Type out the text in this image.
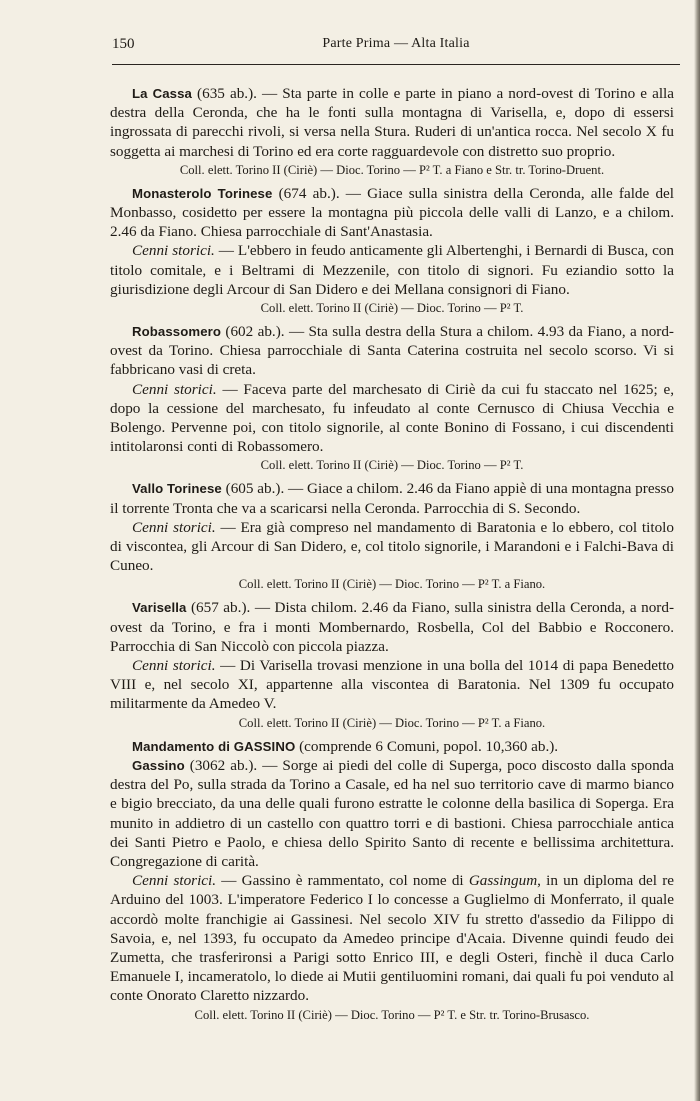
150	Parte Prima — Alta Italia

La Cassa (635 ab.). — Sta parte in colle e parte in piano a nord-ovest di Torino e alla destra della Ceronda, che ha le fonti sulla montagna di Varisella, e, dopo di essersi ingrossata di parecchi rivoli, si versa nella Stura. Ruderi di un'antica rocca. Nel secolo X fu soggetta ai marchesi di Torino ed era corte ragguardevole con distretto suo proprio.

Coll. elett. Torino II (Ciriè) — Dioc. Torino — P² T. a Fiano e Str. tr. Torino-Druent.

Monasterolo Torinese (674 ab.). — Giace sulla sinistra della Ceronda, alle falde del Monbasso, cosidetto per essere la montagna più piccola delle valli di Lanzo, e a chilom. 2.46 da Fiano. Chiesa parrocchiale di Sant'Anastasia.

Cenni storici. — L'ebbero in feudo anticamente gli Albertenghi, i Bernardi di Busca, con titolo comitale, e i Beltrami di Mezzenile, con titolo di signori. Fu eziandio sotto la giurisdizione degli Arcour di San Didero e dei Mellana consignori di Fiano.

Coll. elett. Torino II (Ciriè) — Dioc. Torino — P² T.

Robassomero (602 ab.). — Sta sulla destra della Stura a chilom. 4.93 da Fiano, a nord-ovest da Torino. Chiesa parrocchiale di Santa Caterina costruita nel secolo scorso. Vi si fabbricano vasi di creta.

Cenni storici. — Faceva parte del marchesato di Ciriè da cui fu staccato nel 1625; e, dopo la cessione del marchesato, fu infeudato al conte Cernusco di Chiusa Vecchia e Bolengo. Pervenne poi, con titolo signorile, al conte Bonino di Fossano, i cui discendenti intitolaronsi conti di Robassomero.

Coll. elett. Torino II (Ciriè) — Dioc. Torino — P² T.

Vallo Torinese (605 ab.). — Giace a chilom. 2.46 da Fiano appiè di una montagna presso il torrente Tronta che va a scaricarsi nella Ceronda. Parrocchia di S. Secondo.

Cenni storici. — Era già compreso nel mandamento di Baratonia e lo ebbero, col titolo di viscontea, gli Arcour di San Didero, e, col titolo signorile, i Marandoni e i Falchi-Bava di Cuneo.

Coll. elett. Torino II (Ciriè) — Dioc. Torino — P² T. a Fiano.

Varisella (657 ab.). — Dista chilom. 2.46 da Fiano, sulla sinistra della Ceronda, a nord-ovest da Torino, e fra i monti Mombernardo, Rosbella, Col del Babbio e Rocconero. Parrocchia di San Niccolò con piccola piazza.

Cenni storici. — Di Varisella trovasi menzione in una bolla del 1014 di papa Benedetto VIII e, nel secolo XI, appartenne alla viscontea di Baratonia. Nel 1309 fu occupato militarmente da Amedeo V.

Coll. elett. Torino II (Ciriè) — Dioc. Torino — P² T. a Fiano.

Mandamento di GASSINO (comprende 6 Comuni, popol. 10,360 ab.).

Gassino (3062 ab.). — Sorge ai piedi del colle di Superga, poco discosto dalla sponda destra del Po, sulla strada da Torino a Casale, ed ha nel suo territorio cave di marmo bianco e bigio brecciato, da una delle quali furono estratte le colonne della basilica di Soperga. Era munito in addietro di un castello con quattro torri e di bastioni. Chiesa parrocchiale antica dei Santi Pietro e Paolo, e chiesa dello Spirito Santo di recente e bellissima architettura. Congregazione di carità.

Cenni storici. — Gassino è rammentato, col nome di Gassingum, in un diploma del re Arduino del 1003. L'imperatore Federico I lo concesse a Guglielmo di Monferrato, il quale accordò molte franchigie ai Gassinesi. Nel secolo XIV fu stretto d'assedio da Filippo di Savoia, e, nel 1393, fu occupato da Amedeo principe d'Acaia. Divenne quindi feudo dei Zumetta, che trasferironsi a Parigi sotto Enrico III, e degli Osteri, finchè il duca Carlo Emanuele I, incameratolo, lo diede ai Mutii gentiluomini romani, dai quali fu poi venduto al conte Onorato Claretto nizzardo.

Coll. elett. Torino II (Ciriè) — Dioc. Torino — P² T. e Str. tr. Torino-Brusasco.
